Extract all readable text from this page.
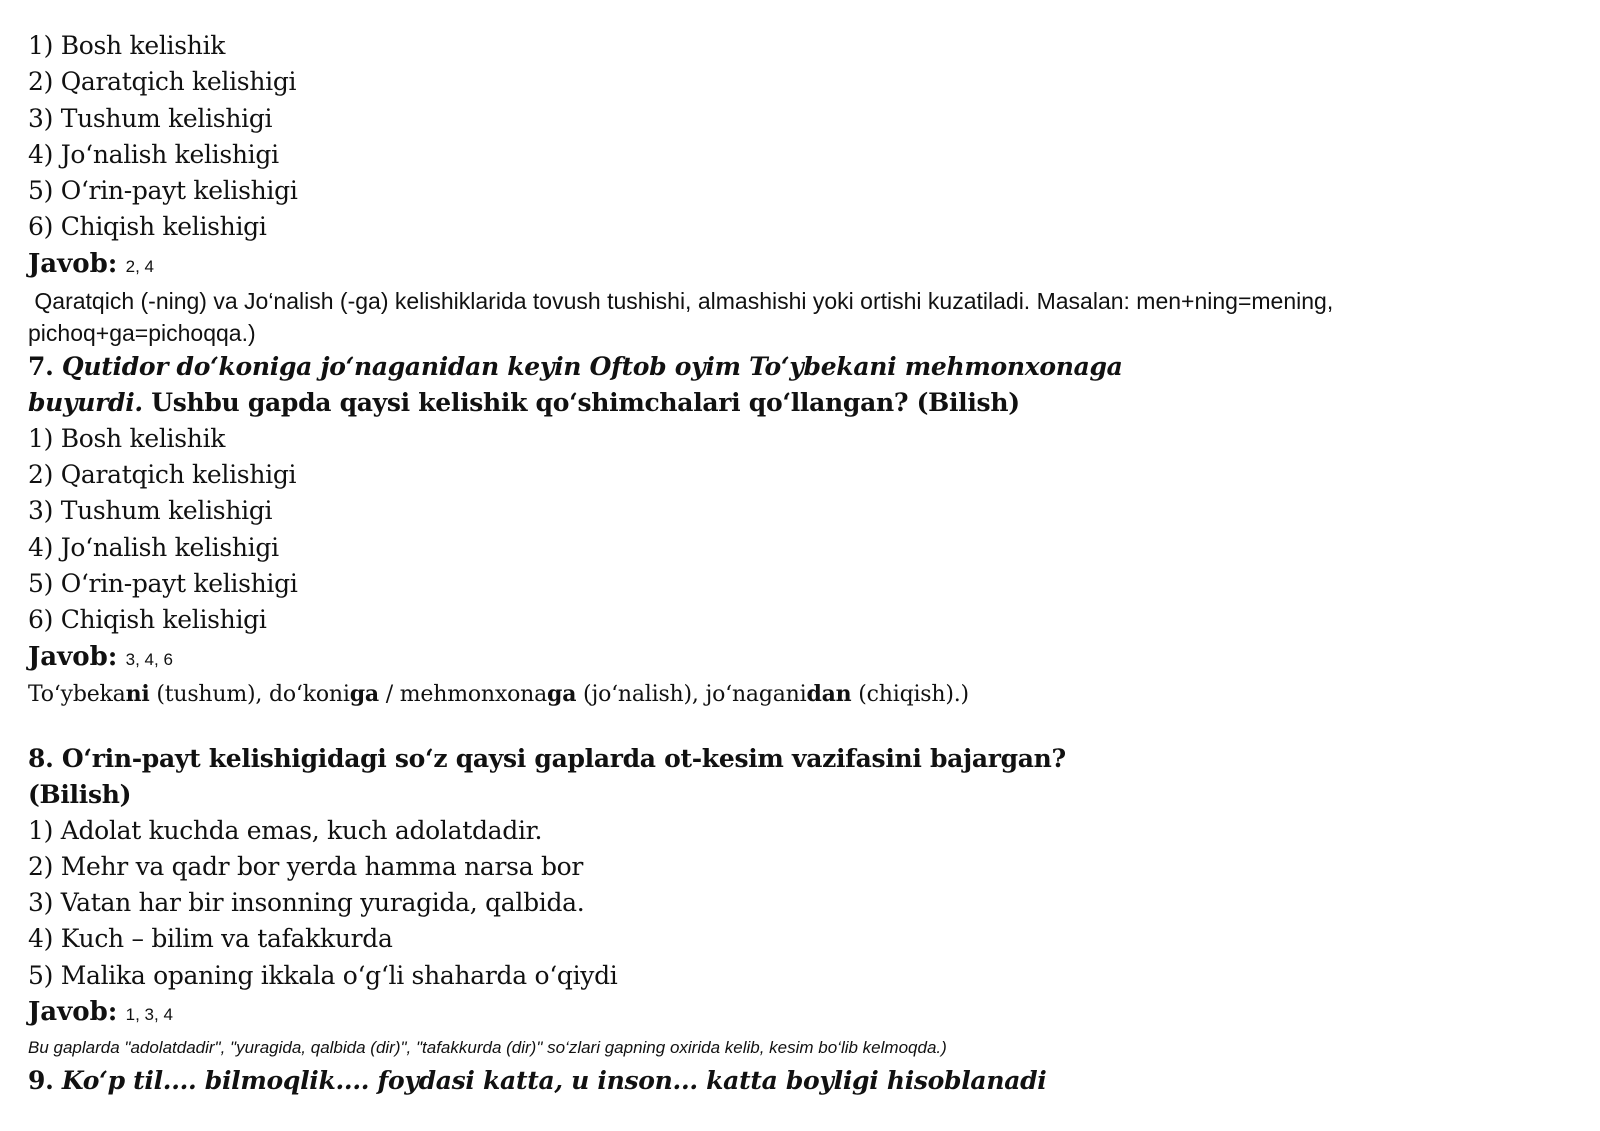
1) Bosh kelishik
2) Qaratqich kelishigi
3) Tushum kelishigi
4) Jo‘nalish kelishigi
5) O‘rin-payt kelishigi
6) Chiqish kelishigi
Javob: 2, 4
Qaratqich (-ning) va Jo‘nalish (-ga) kelishiklarida tovush tushishi, almashishi yoki ortishi kuzatiladi. Masalan: men+ning=mening,
pichoq+ga=pichoqqa.)
7. Qutidor do‘koniga jo‘naganidan keyin Oftob oyim To‘ybekani mehmonxonaga
buyurdi. Ushbu gapda qaysi kelishik qo‘shimchalari qo‘llangan? (Bilish)
1) Bosh kelishik
2) Qaratqich kelishigi
3) Tushum kelishigi
4) Jo‘nalish kelishigi
5) O‘rin-payt kelishigi
6) Chiqish kelishigi
Javob: 3, 4, 6
To‘ybekani (tushum), do‘koniga / mehmonxonaga (jo‘nalish), jo‘naganidan (chiqish).)
8. O‘rin-payt kelishigidagi so‘z qaysi gaplarda ot-kesim vazifasini bajargan?
(Bilish)
1) Adolat kuchda emas, kuch adolatdadir.
2) Mehr va qadr bor yerda hamma narsa bor
3) Vatan har bir insonning yuragida, qalbida.
4) Kuch – bilim va tafakkurda
5) Malika opaning ikkala o‘g‘li shaharda o‘qiydi
Javob: 1, 3, 4
Bu gaplarda "adolatdadir", "yuragida, qalbida (dir)", "tafakkurda (dir)" so‘zlari gapning oxirida kelib, kesim bo‘lib kelmoqda.)
9. Ko‘p til.... bilmoqlik.... foydasi katta, u inson... katta boyligi hisoblanadi
